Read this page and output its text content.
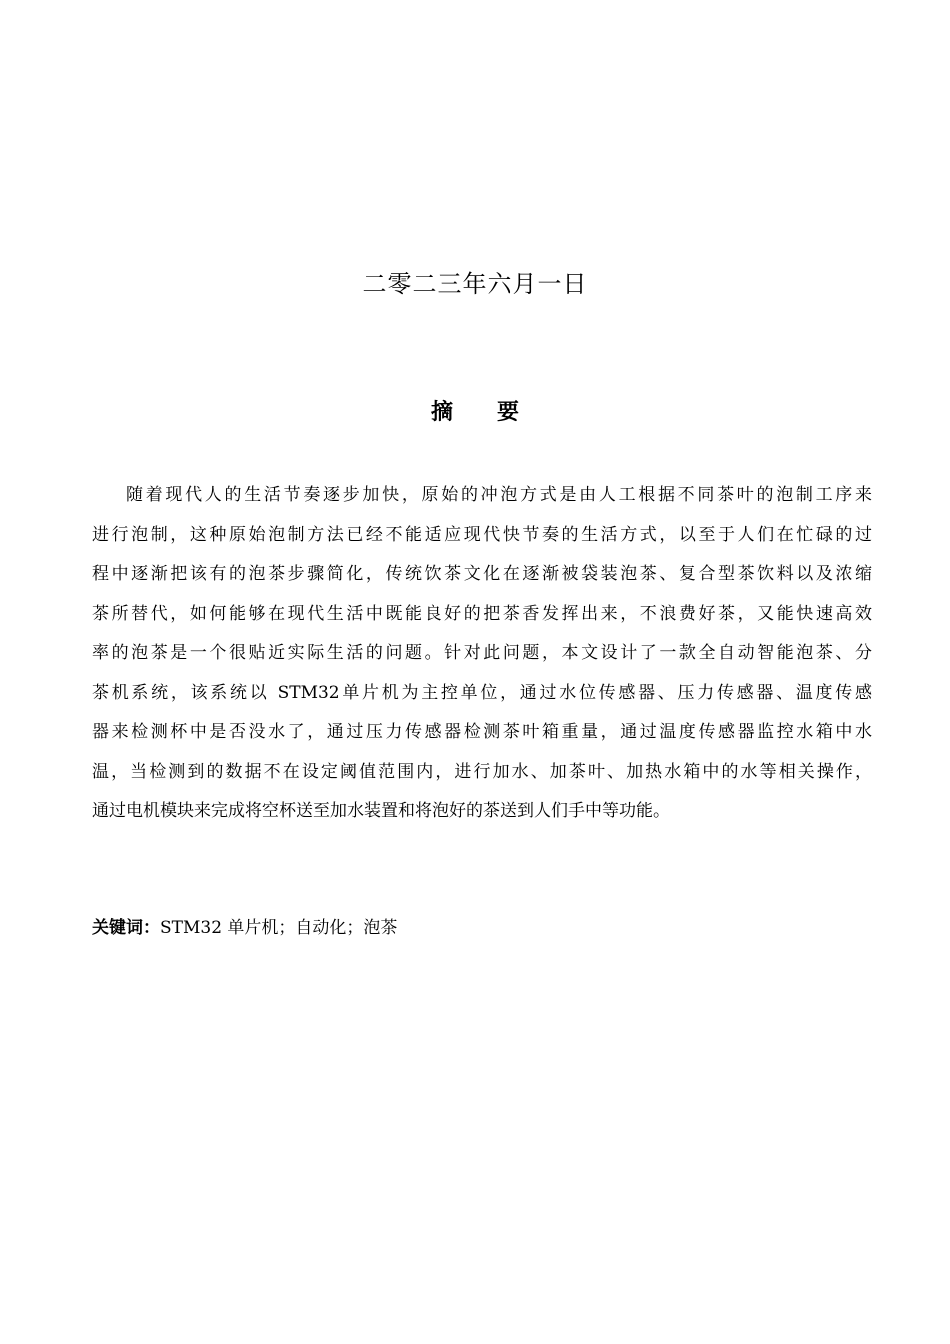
二零二三年六月一日
摘 要
随着现代人的生活节奏逐步加快，原始的冲泡方式是由人工根据不同茶叶的泡制工序来
进行泡制，这种原始泡制方法已经不能适应现代快节奏的生活方式，以至于人们在忙碌的过
程中逐渐把该有的泡茶步骤简化，传统饮茶文化在逐渐被袋装泡茶、复合型茶饮料以及浓缩
茶所替代，如何能够在现代生活中既能良好的把茶香发挥出来，不浪费好茶，又能快速高效
率的泡茶是一个很贴近实际生活的问题。针对此问题，本文设计了一款全自动智能泡茶、分
茶机系统，该系统以 STM32单片机为主控单位，通过水位传感器、压力传感器、温度传感
器来检测杯中是否没水了，通过压力传感器检测茶叶箱重量，通过温度传感器监控水箱中水
温，当检测到的数据不在设定阈值范围内，进行加水、加茶叶、加热水箱中的水等相关操作，
通过电机模块来完成将空杯送至加水装置和将泡好的茶送到人们手中等功能。
关键词：STM32 单片机；自动化；泡茶
